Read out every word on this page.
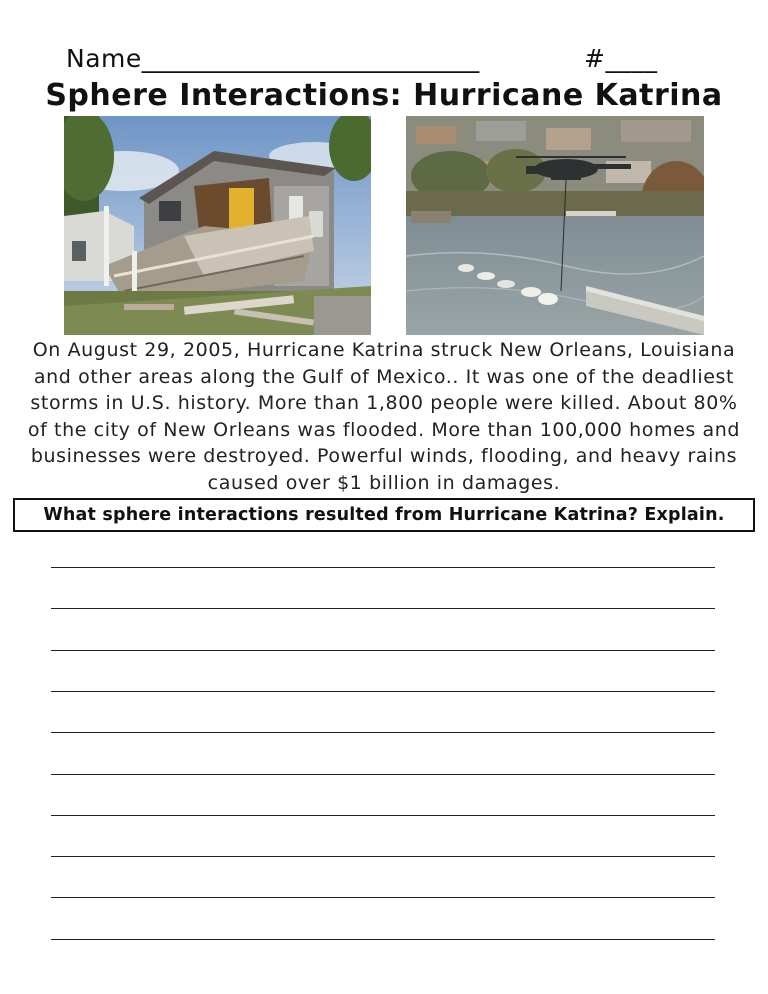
Name__________________________	#____
Sphere Interactions: Hurricane Katrina
On August 29, 2005, Hurricane Katrina struck New Orleans, Louisiana and other areas along the Gulf of Mexico.. It was one of the deadliest storms in U.S. history. More than 1,800 people were killed. About 80% of the city of New Orleans was flooded. More than 100,000 homes and businesses were destroyed. Powerful winds, flooding, and heavy rains caused over $1 billion in damages.
What sphere interactions resulted from Hurricane Katrina? Explain.
